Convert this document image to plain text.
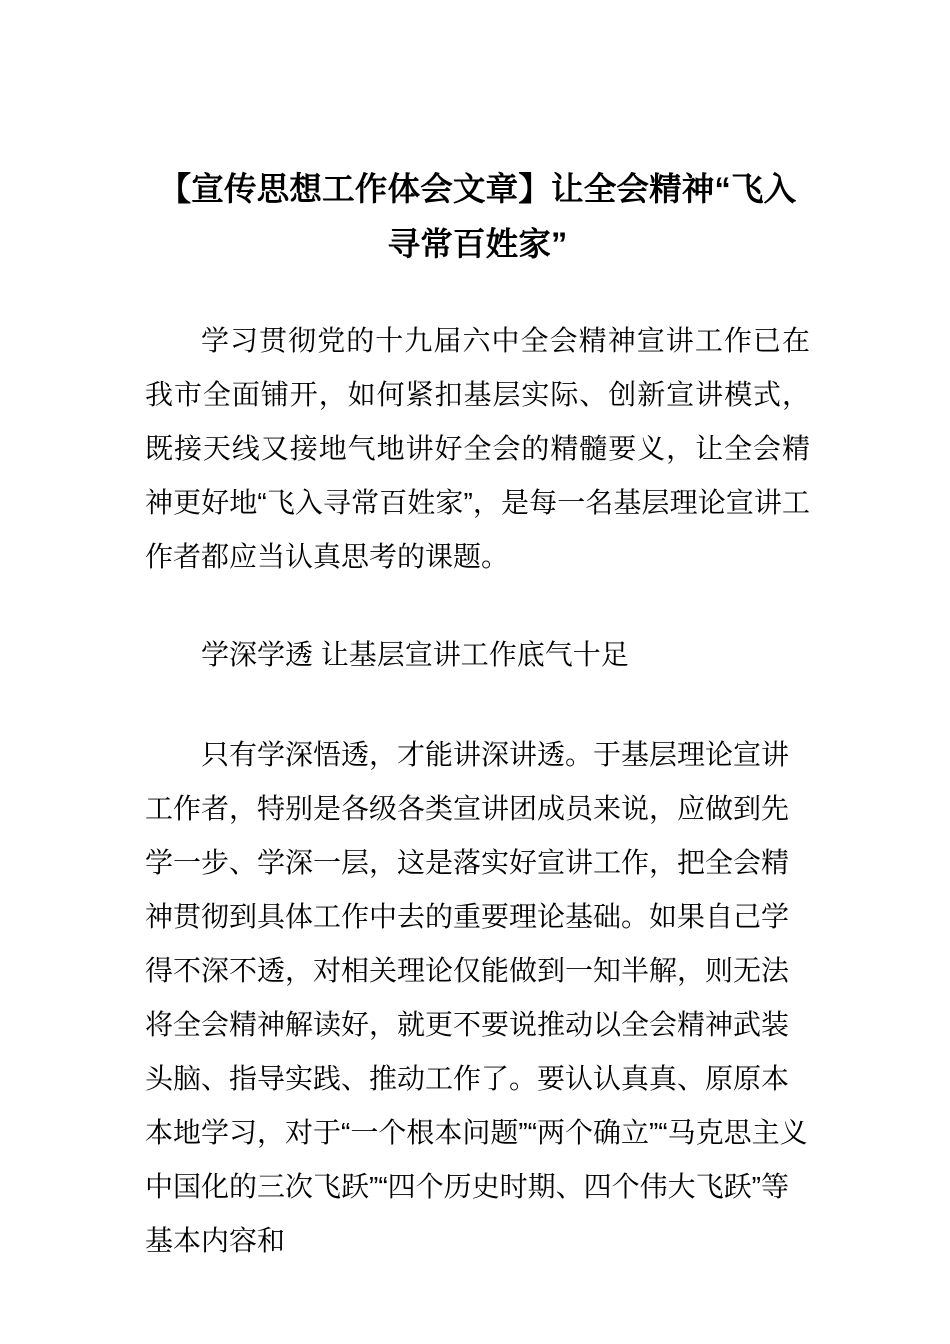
【宣传思想工作体会文章】让全会精神“飞入寻常百姓家”

学习贯彻党的十九届六中全会精神宣讲工作已在我市全面铺开，如何紧扣基层实际、创新宣讲模式，既接天线又接地气地讲好全会的精髓要义，让全会精神更好地“飞入寻常百姓家”，是每一名基层理论宣讲工作者都应当认真思考的课题。

学深学透 让基层宣讲工作底气十足

只有学深悟透，才能讲深讲透。于基层理论宣讲工作者，特别是各级各类宣讲团成员来说，应做到先学一步、学深一层，这是落实好宣讲工作，把全会精神贯彻到具体工作中去的重要理论基础。如果自己学得不深不透，对相关理论仅能做到一知半解，则无法将全会精神解读好，就更不要说推动以全会精神武装头脑、指导实践、推动工作了。要认认真真、原原本本地学习，对于“一个根本问题”“两个确立”“马克思主义中国化的三次飞跃”“四个历史时期、四个伟大飞跃”等基本内容和
